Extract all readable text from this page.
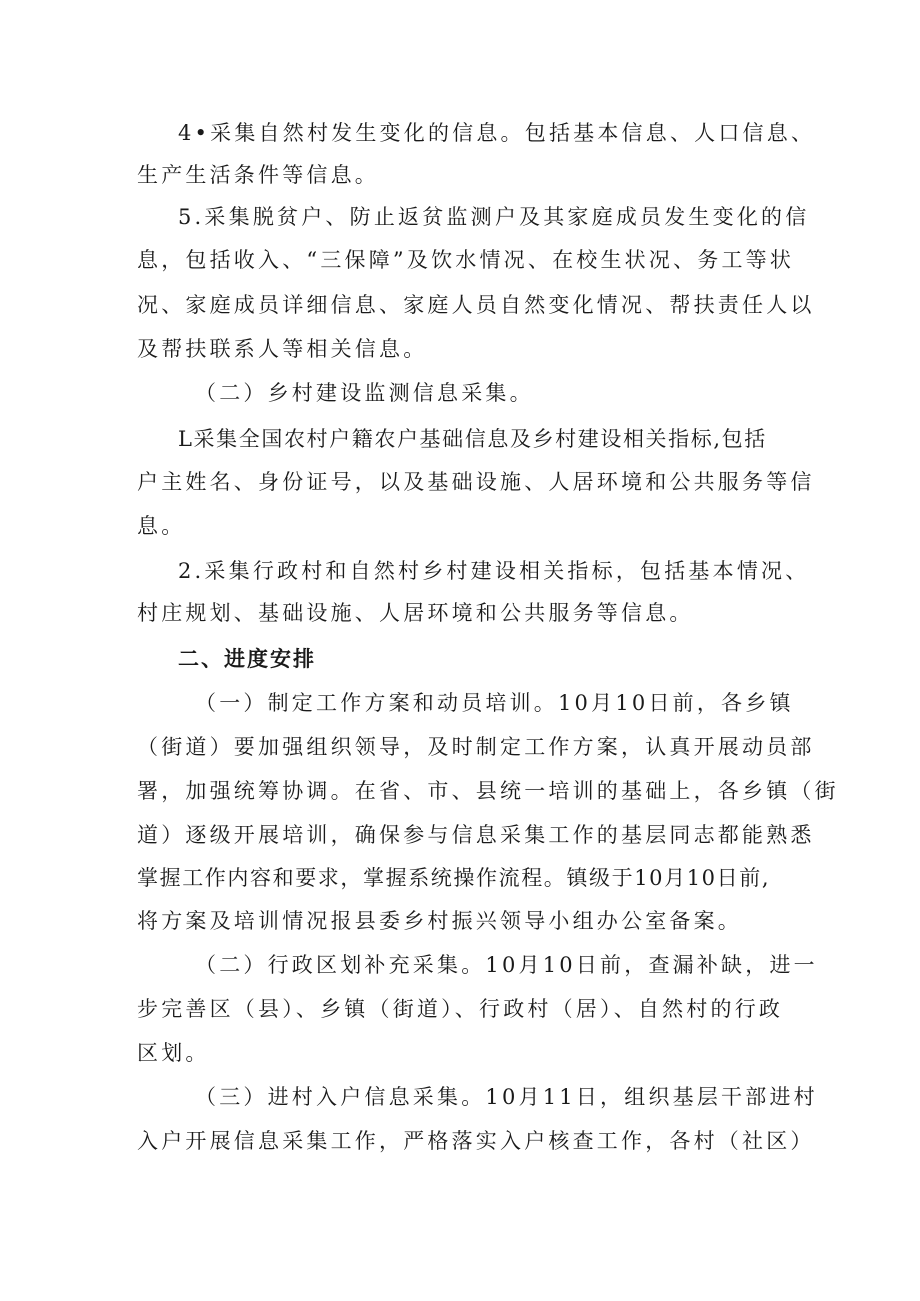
4•采集自然村发生变化的信息。包括基本信息、人口信息、
生产生活条件等信息。
5.采集脱贫户、防止返贫监测户及其家庭成员发生变化的信
息，包括收入、“三保障”及饮水情况、在校生状况、务工等状
况、家庭成员详细信息、家庭人员自然变化情况、帮扶责任人以
及帮扶联系人等相关信息。
（二）乡村建设监测信息采集。
L采集全国农村户籍农户基础信息及乡村建设相关指标,包括
户主姓名、身份证号，以及基础设施、人居环境和公共服务等信
息。
2.采集行政村和自然村乡村建设相关指标，包括基本情况、
村庄规划、基础设施、人居环境和公共服务等信息。
二、进度安排
（一）制定工作方案和动员培训。10月10日前，各乡镇
（街道）要加强组织领导，及时制定工作方案，认真开展动员部
署，加强统筹协调。在省、市、县统一培训的基础上，各乡镇（街
道）逐级开展培训，确保参与信息采集工作的基层同志都能熟悉
掌握工作内容和要求，掌握系统操作流程。镇级于10月10日前,
将方案及培训情况报县委乡村振兴领导小组办公室备案。
（二）行政区划补充采集。10月10日前，查漏补缺，进一
步完善区（县）、乡镇（街道）、行政村（居）、自然村的行政
区划。
（三）进村入户信息采集。10月11日，组织基层干部进村
入户开展信息采集工作，严格落实入户核查工作，各村（社区）
